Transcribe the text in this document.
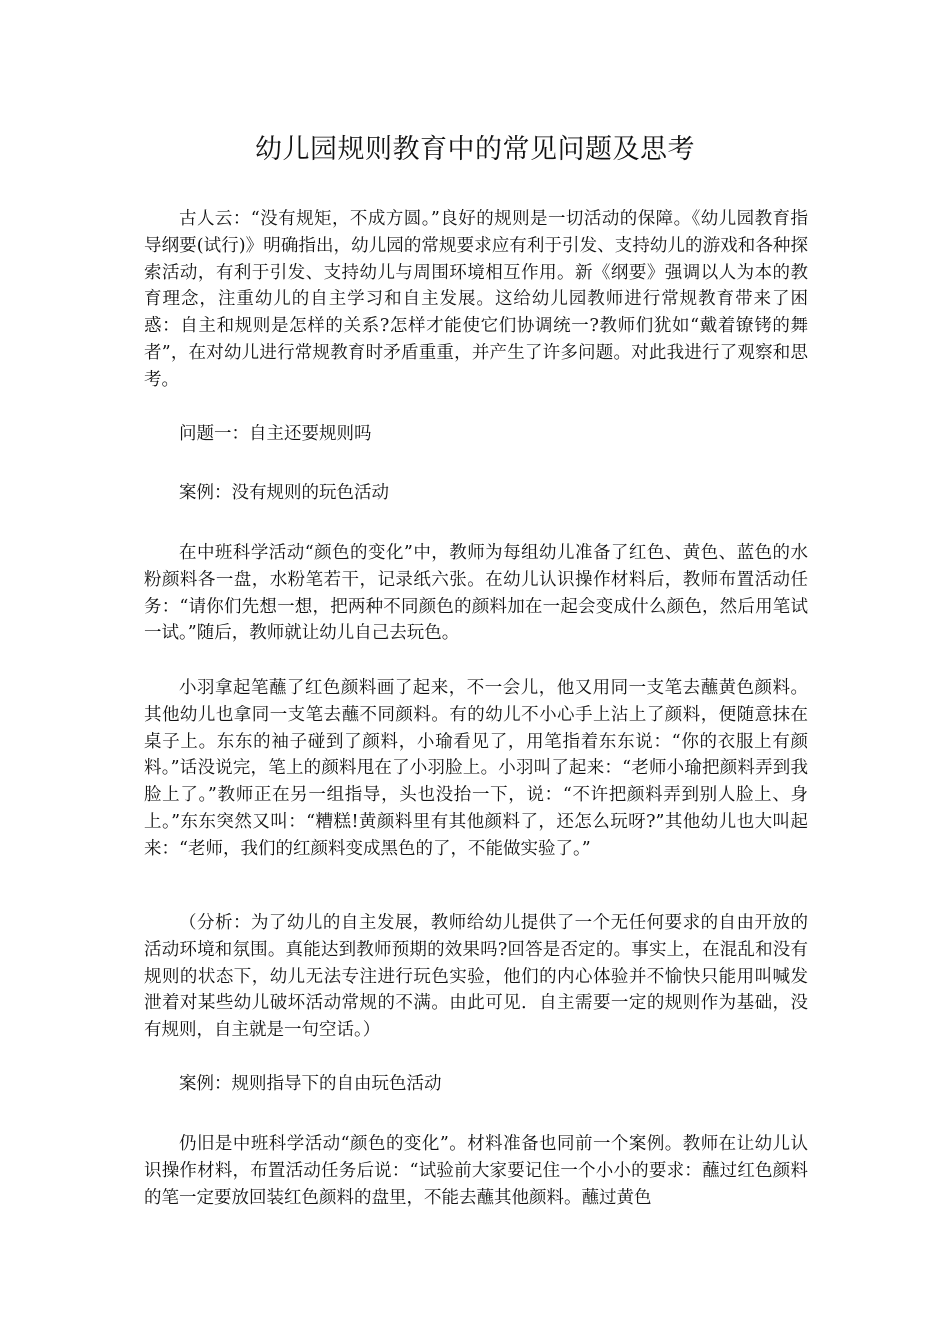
幼儿园规则教育中的常见问题及思考

古人云：“没有规矩，不成方圆。”良好的规则是一切活动的保障。《幼儿园教育指导纲要(试行)》明确指出，幼儿园的常规要求应有利于引发、支持幼儿的游戏和各种探索活动，有利于引发、支持幼儿与周围环境相互作用。新《纲要》强调以人为本的教育理念，注重幼儿的自主学习和自主发展。这给幼儿园教师进行常规教育带来了困惑：自主和规则是怎样的关系?怎样才能使它们协调统一?教师们犹如“戴着镣铐的舞者”，在对幼儿进行常规教育时矛盾重重，并产生了许多问题。对此我进行了观察和思考。

问题一：自主还要规则吗

案例：没有规则的玩色活动

在中班科学活动“颜色的变化”中，教师为每组幼儿准备了红色、黄色、蓝色的水粉颜料各一盘，水粉笔若干，记录纸六张。在幼儿认识操作材料后，教师布置活动任务：“请你们先想一想，把两种不同颜色的颜料加在一起会变成什么颜色，然后用笔试一试。”随后，教师就让幼儿自己去玩色。

小羽拿起笔蘸了红色颜料画了起来，不一会儿，他又用同一支笔去蘸黄色颜料。其他幼儿也拿同一支笔去蘸不同颜料。有的幼儿不小心手上沾上了颜料，便随意抹在桌子上。东东的袖子碰到了颜料，小瑜看见了，用笔指着东东说：“你的衣服上有颜料。”话没说完，笔上的颜料甩在了小羽脸上。小羽叫了起来：“老师小瑜把颜料弄到我脸上了。”教师正在另一组指导，头也没抬一下，说：“不许把颜料弄到别人脸上、身上。”东东突然又叫：“糟糕!黄颜料里有其他颜料了，还怎么玩呀?”其他幼儿也大叫起来：“老师，我们的红颜料变成黑色的了，不能做实验了。”

（分析：为了幼儿的自主发展，教师给幼儿提供了一个无任何要求的自由开放的活动环境和氛围。真能达到教师预期的效果吗?回答是否定的。事实上，在混乱和没有规则的状态下，幼儿无法专注进行玩色实验，他们的内心体验并不愉快只能用叫喊发泄着对某些幼儿破坏活动常规的不满。由此可见．自主需要一定的规则作为基础，没有规则，自主就是一句空话。）

案例：规则指导下的自由玩色活动

仍旧是中班科学活动“颜色的变化”。材料准备也同前一个案例。教师在让幼儿认识操作材料，布置活动任务后说：“试验前大家要记住一个小小的要求：蘸过红色颜料的笔一定要放回装红色颜料的盘里，不能去蘸其他颜料。蘸过黄色
